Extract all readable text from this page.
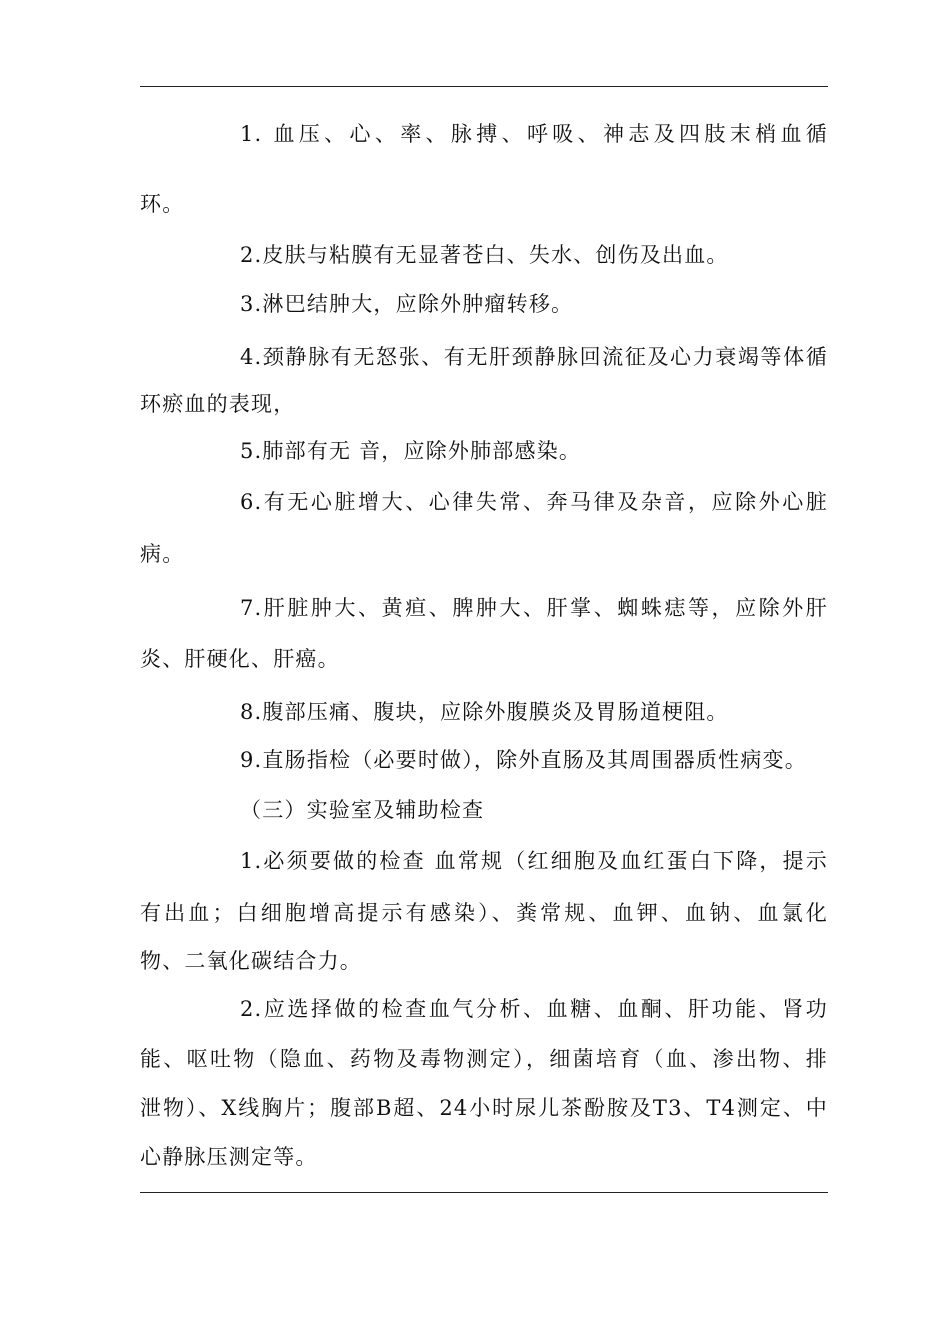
1. 血压、心、率、脉搏、呼吸、神志及四肢末梢血循
环。
2.皮肤与粘膜有无显著苍白、失水、创伤及出血。
3.淋巴结肿大，应除外肿瘤转移。
4.颈静脉有无怒张、有无肝颈静脉回流征及心力衰竭等体循
环瘀血的表现，
5.肺部有无 音，应除外肺部感染。
6.有无心脏增大、心律失常、奔马律及杂音，应除外心脏
病。
7.肝脏肿大、黄疸、脾肿大、肝掌、蜘蛛痣等，应除外肝
炎、肝硬化、肝癌。
8.腹部压痛、腹块，应除外腹膜炎及胃肠道梗阻。
9.直肠指检（必要时做），除外直肠及其周围器质性病变。
（三）实验室及辅助检查
1.必须要做的检查 血常规（红细胞及血红蛋白下降，提示
有出血；白细胞增高提示有感染）、粪常规、血钾、血钠、血氯化
物、二氧化碳结合力。
2.应选择做的检查血气分析、血糖、血酮、肝功能、肾功
能、呕吐物（隐血、药物及毒物测定），细菌培育（血、渗出物、排
泄物）、X线胸片；腹部B超、24小时尿儿茶酚胺及T3、T4测定、中
心静脉压测定等。
